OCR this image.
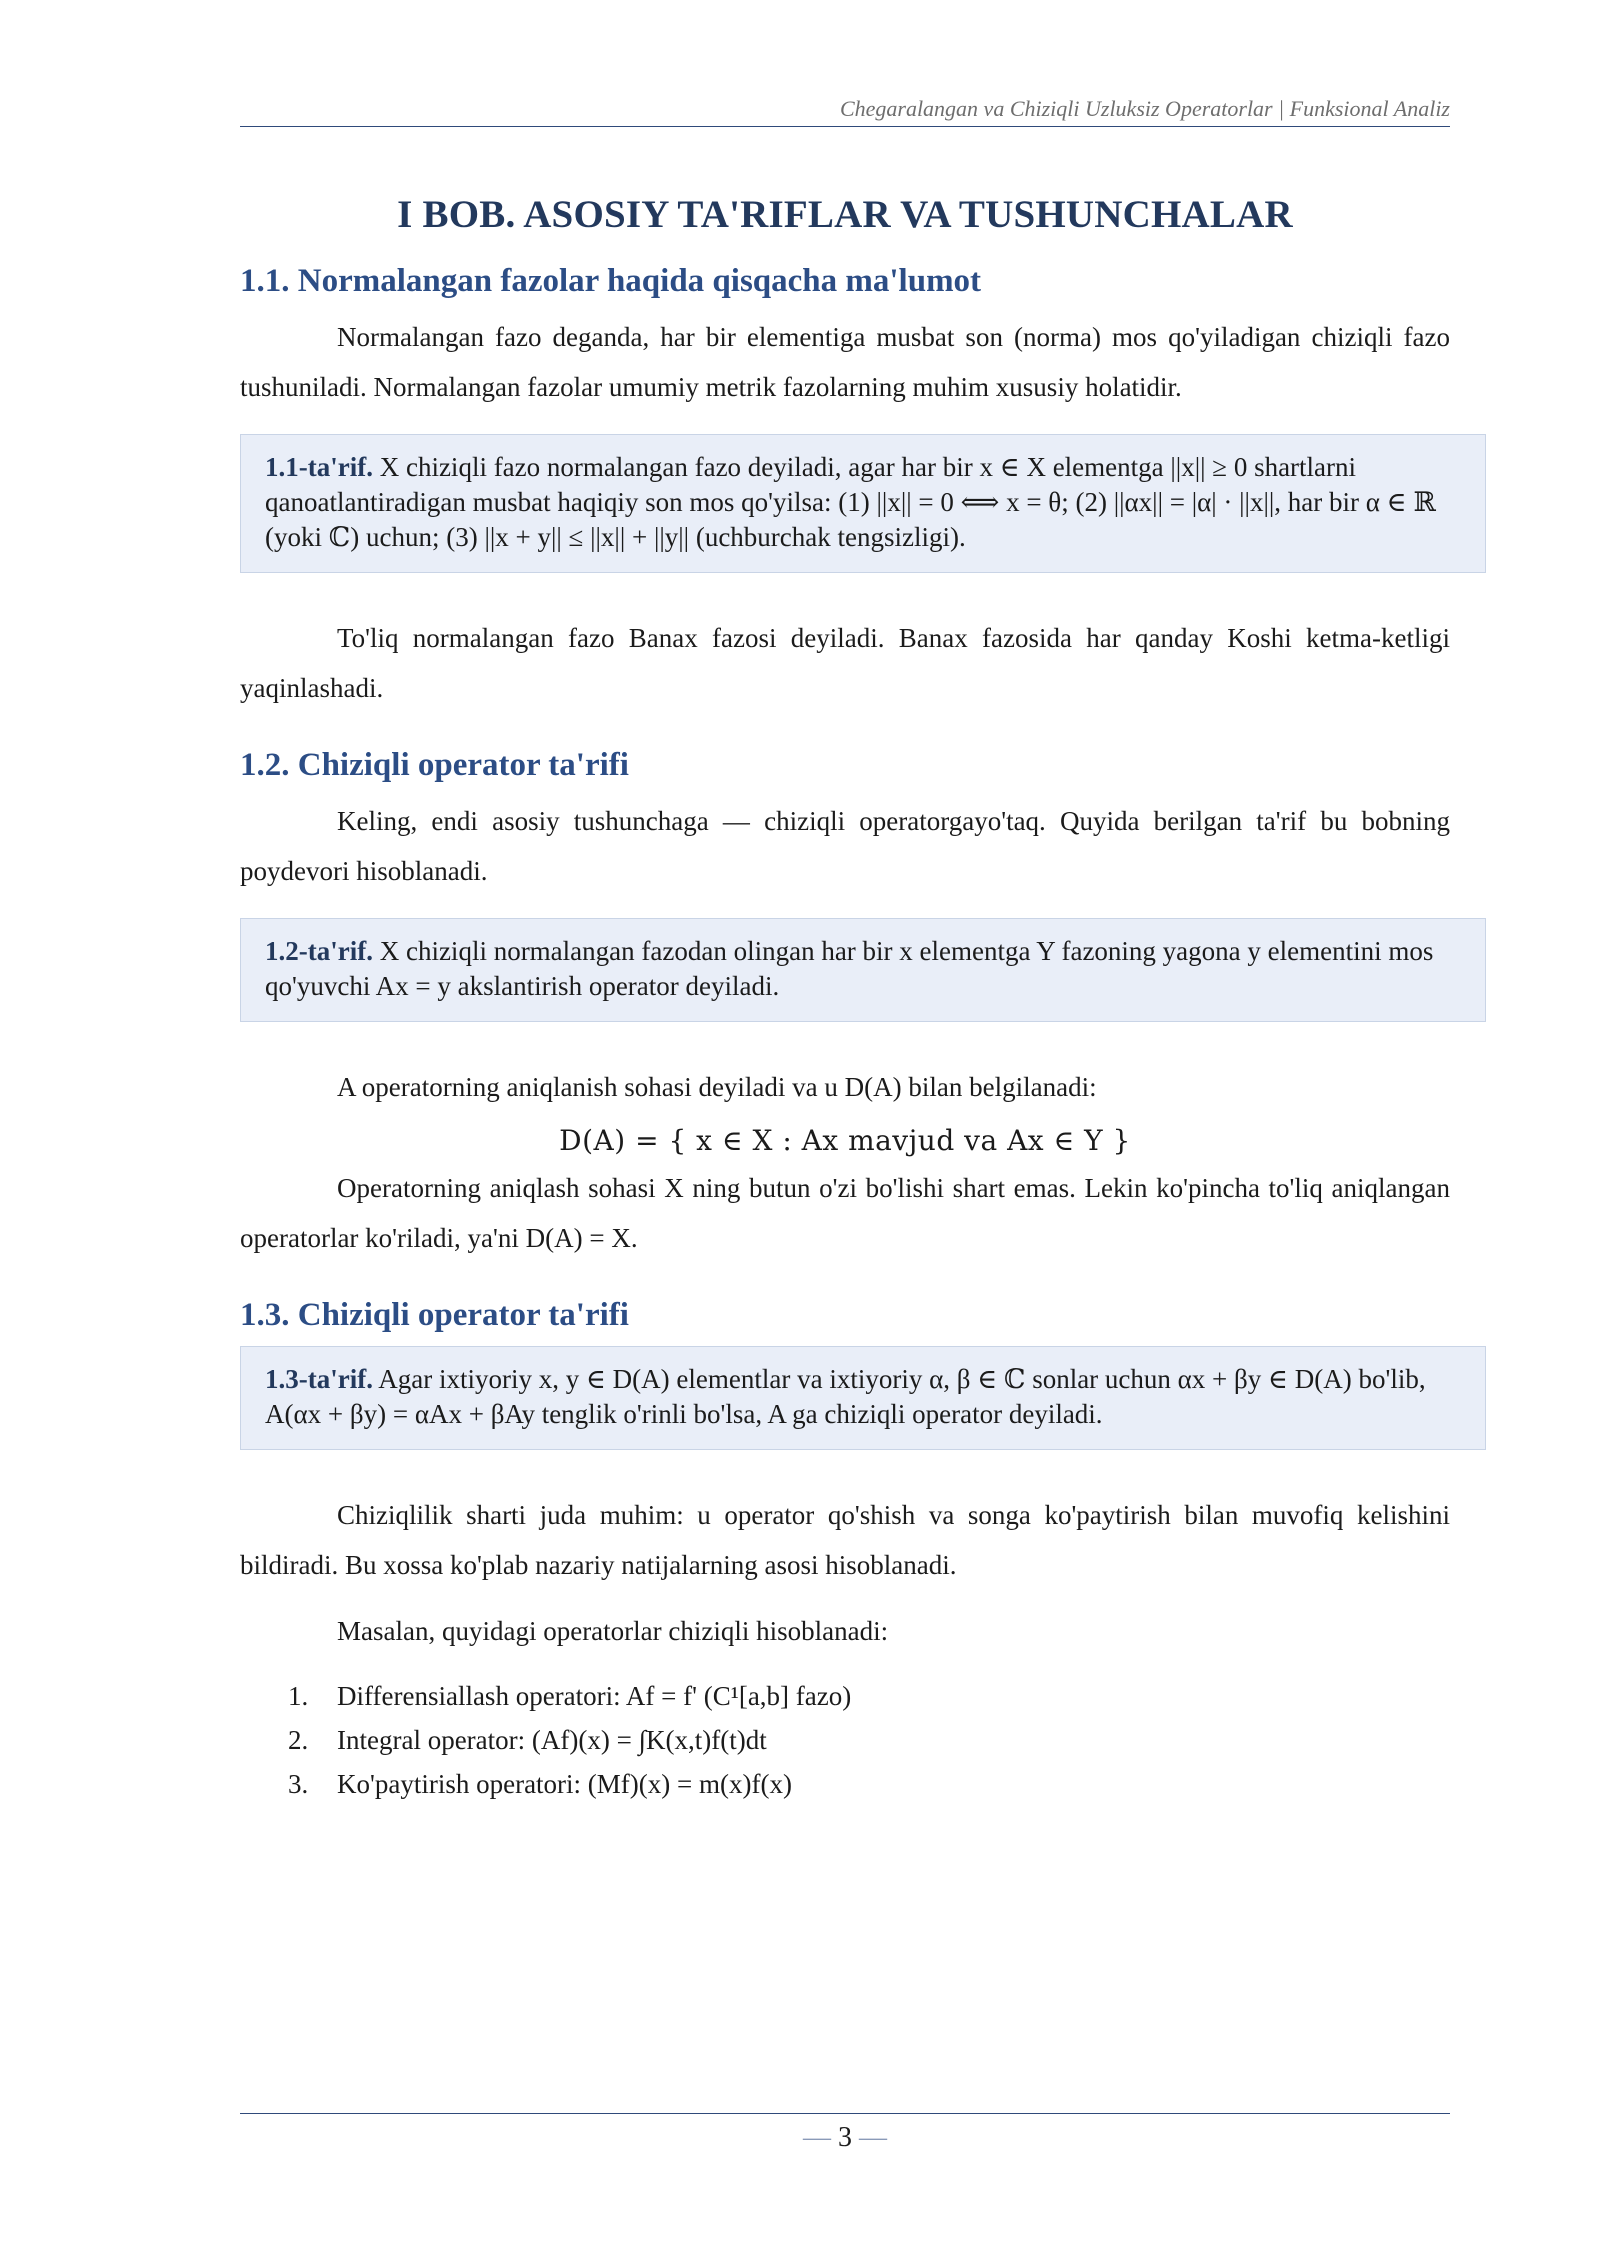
Chegaralangan va Chiziqli Uzluksiz Operatorlar | Funksional Analiz
I BOB. ASOSIY TA'RIFLAR VA TUSHUNCHALAR
1.1. Normalangan fazolar haqida qisqacha ma'lumot

Normalangan fazo deganda, har bir elementiga musbat son (norma) mos qo'yiladigan chiziqli fazo tushuniladi. Normalangan fazolar umumiy metrik fazolarning muhim xususiy holatidir.

1.1-ta'rif. X chiziqli fazo normalangan fazo deyiladi, agar har bir x ∈ X elementga ||x|| ≥ 0 shartlarni qanoatlantiradigan musbat haqiqiy son mos qo'yilsa: (1) ||x|| = 0 ⟺ x = θ; (2) ||αx|| = |α| · ||x||, har bir α ∈ ℝ (yoki ℂ) uchun; (3) ||x + y|| ≤ ||x|| + ||y|| (uchburchak tengsizligi).

To'liq normalangan fazo Banax fazosi deyiladi. Banax fazosida har qanday Koshi ketma-ketligi yaqinlashadi.

1.2. Chiziqli operator ta'rifi

Keling, endi asosiy tushunchaga — chiziqli operatorgayo'taq. Quyida berilgan ta'rif bu bobning poydevori hisoblanadi.

1.2-ta'rif. X chiziqli normalangan fazodan olingan har bir x elementga Y fazoning yagona y elementini mos qo'yuvchi Ax = y akslantirish operator deyiladi.

A operatorning aniqlanish sohasi deyiladi va u D(A) bilan belgilanadi:

D(A) = { x ∈ X : Ax mavjud va Ax ∈ Y }

Operatorning aniqlash sohasi X ning butun o'zi bo'lishi shart emas. Lekin ko'pincha to'liq aniqlangan operatorlar ko'riladi, ya'ni D(A) = X.

1.3. Chiziqli operator ta'rifi
1.3-ta'rif. Agar ixtiyoriy x, y ∈ D(A) elementlar va ixtiyoriy α, β ∈ ℂ sonlar uchun αx + βy ∈ D(A) bo'lib, A(αx + βy) = αAx + βAy tenglik o'rinli bo'lsa, A ga chiziqli operator deyiladi.

Chiziqlilik sharti juda muhim: u operator qo'shish va songa ko'paytirish bilan muvofiq kelishini bildiradi. Bu xossa ko'plab nazariy natijalarning asosi hisoblanadi.

Masalan, quyidagi operatorlar chiziqli hisoblanadi:

1.	Differensiallash operatori: Af = f' (C¹[a,b] fazo)
2.	Integral operator: (Af)(x) = ∫K(x,t)f(t)dt
3.	Ko'paytirish operatori: (Mf)(x) = m(x)f(x)
— 3 —
